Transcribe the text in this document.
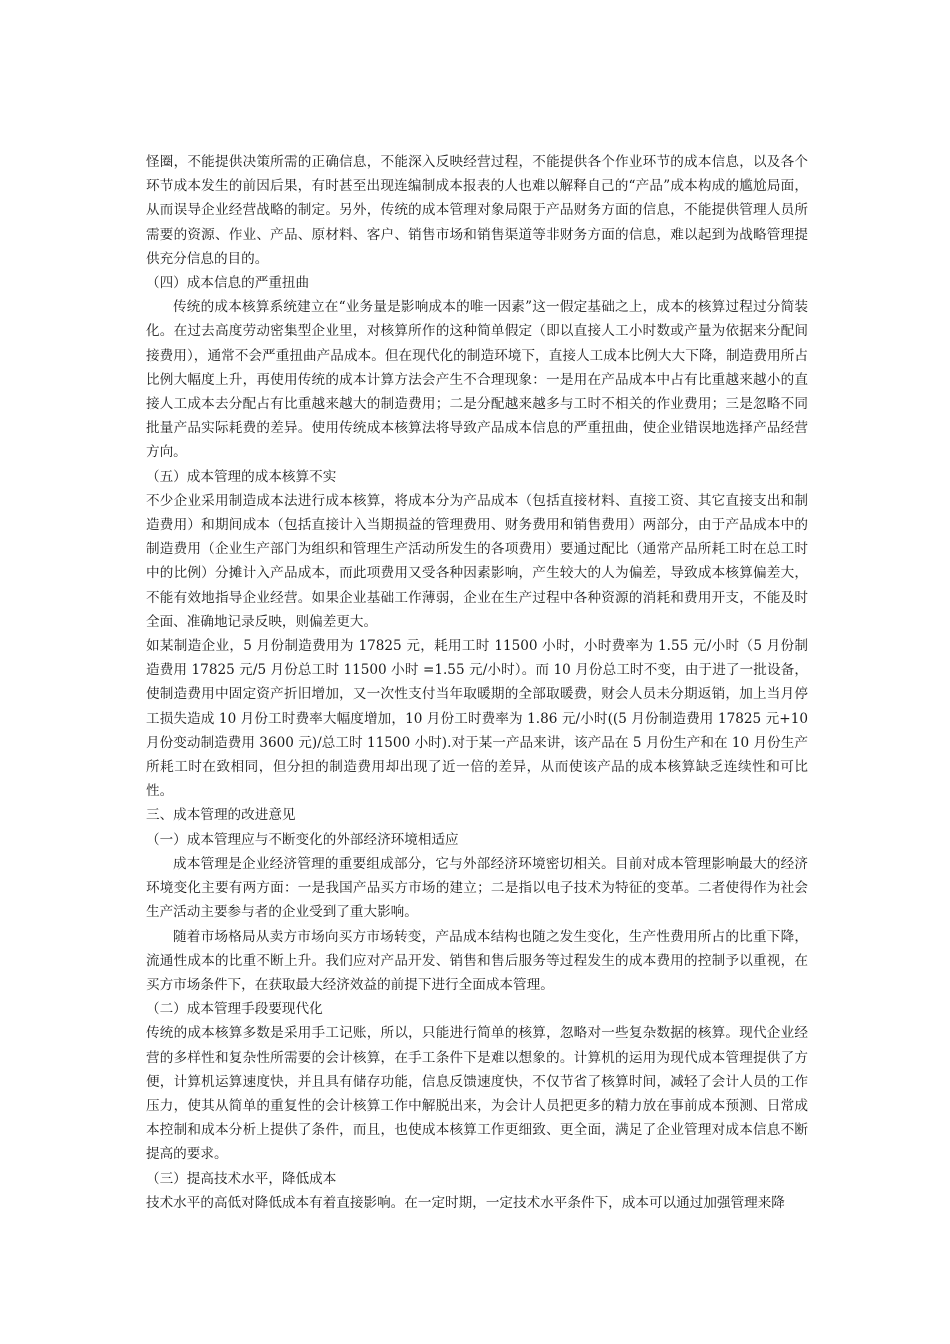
怪圈，不能提供决策所需的正确信息，不能深入反映经营过程，不能提供各个作业环节的成本信息，以及各个环节成本发生的前因后果，有时甚至出现连编制成本报表的人也难以解释自己的“产品”成本构成的尴尬局面，从而误导企业经营战略的制定。另外，传统的成本管理对象局限于产品财务方面的信息，不能提供管理人员所需要的资源、作业、产品、原材料、客户、销售市场和销售渠道等非财务方面的信息，难以起到为战略管理提供充分信息的目的。

（四）成本信息的严重扭曲

传统的成本核算系统建立在“业务量是影响成本的唯一因素”这一假定基础之上，成本的核算过程过分简装化。在过去高度劳动密集型企业里，对核算所作的这种简单假定（即以直接人工小时数或产量为依据来分配间接费用），通常不会严重扭曲产品成本。但在现代化的制造环境下，直接人工成本比例大大下降，制造费用所占比例大幅度上升，再使用传统的成本计算方法会产生不合理现象：一是用在产品成本中占有比重越来越小的直接人工成本去分配占有比重越来越大的制造费用；二是分配越来越多与工时不相关的作业费用；三是忽略不同批量产品实际耗费的差异。使用传统成本核算法将导致产品成本信息的严重扭曲，使企业错误地选择产品经营方向。

（五）成本管理的成本核算不实

不少企业采用制造成本法进行成本核算，将成本分为产品成本（包括直接材料、直接工资、其它直接支出和制造费用）和期间成本（包括直接计入当期损益的管理费用、财务费用和销售费用）两部分，由于产品成本中的制造费用（企业生产部门为组织和管理生产活动所发生的各项费用）要通过配比（通常产品所耗工时在总工时中的比例）分摊计入产品成本，而此项费用又受各种因素影响，产生较大的人为偏差，导致成本核算偏差大，不能有效地指导企业经营。如果企业基础工作薄弱，企业在生产过程中各种资源的消耗和费用开支，不能及时全面、准确地记录反映，则偏差更大。

如某制造企业，5 月份制造费用为 17825 元，耗用工时 11500 小时，小时费率为 1.55 元/小时（5 月份制造费用 17825 元/5 月份总工时 11500 小时 =1.55 元/小时）。而 10 月份总工时不变，由于进了一批设备，使制造费用中固定资产折旧增加，又一次性支付当年取暖期的全部取暖费，财会人员未分期返销，加上当月停工损失造成 10 月份工时费率大幅度增加，10 月份工时费率为 1.86 元/小时((5 月份制造费用 17825 元+10 月份变动制造费用 3600 元)/总工时 11500 小时).对于某一产品来讲，该产品在 5 月份生产和在 10 月份生产所耗工时在致相同，但分担的制造费用却出现了近一倍的差异，从而使该产品的成本核算缺乏连续性和可比性。

三、成本管理的改进意见

（一）成本管理应与不断变化的外部经济环境相适应

成本管理是企业经济管理的重要组成部分，它与外部经济环境密切相关。目前对成本管理影响最大的经济环境变化主要有两方面：一是我国产品买方市场的建立；二是指以电子技术为特征的变革。二者使得作为社会生产活动主要参与者的企业受到了重大影响。

随着市场格局从卖方市场向买方市场转变，产品成本结构也随之发生变化，生产性费用所占的比重下降，流通性成本的比重不断上升。我们应对产品开发、销售和售后服务等过程发生的成本费用的控制予以重视，在买方市场条件下，在获取最大经济效益的前提下进行全面成本管理。

（二）成本管理手段要现代化

传统的成本核算多数是采用手工记账，所以，只能进行简单的核算，忽略对一些复杂数据的核算。现代企业经营的多样性和复杂性所需要的会计核算，在手工条件下是难以想象的。计算机的运用为现代成本管理提供了方便，计算机运算速度快，并且具有储存功能，信息反馈速度快，不仅节省了核算时间，减轻了会计人员的工作压力，使其从简单的重复性的会计核算工作中解脱出来，为会计人员把更多的精力放在事前成本预测、日常成本控制和成本分析上提供了条件，而且，也使成本核算工作更细致、更全面，满足了企业管理对成本信息不断提高的要求。

（三）提高技术水平，降低成本

技术水平的高低对降低成本有着直接影响。在一定时期，一定技术水平条件下，成本可以通过加强管理来降
